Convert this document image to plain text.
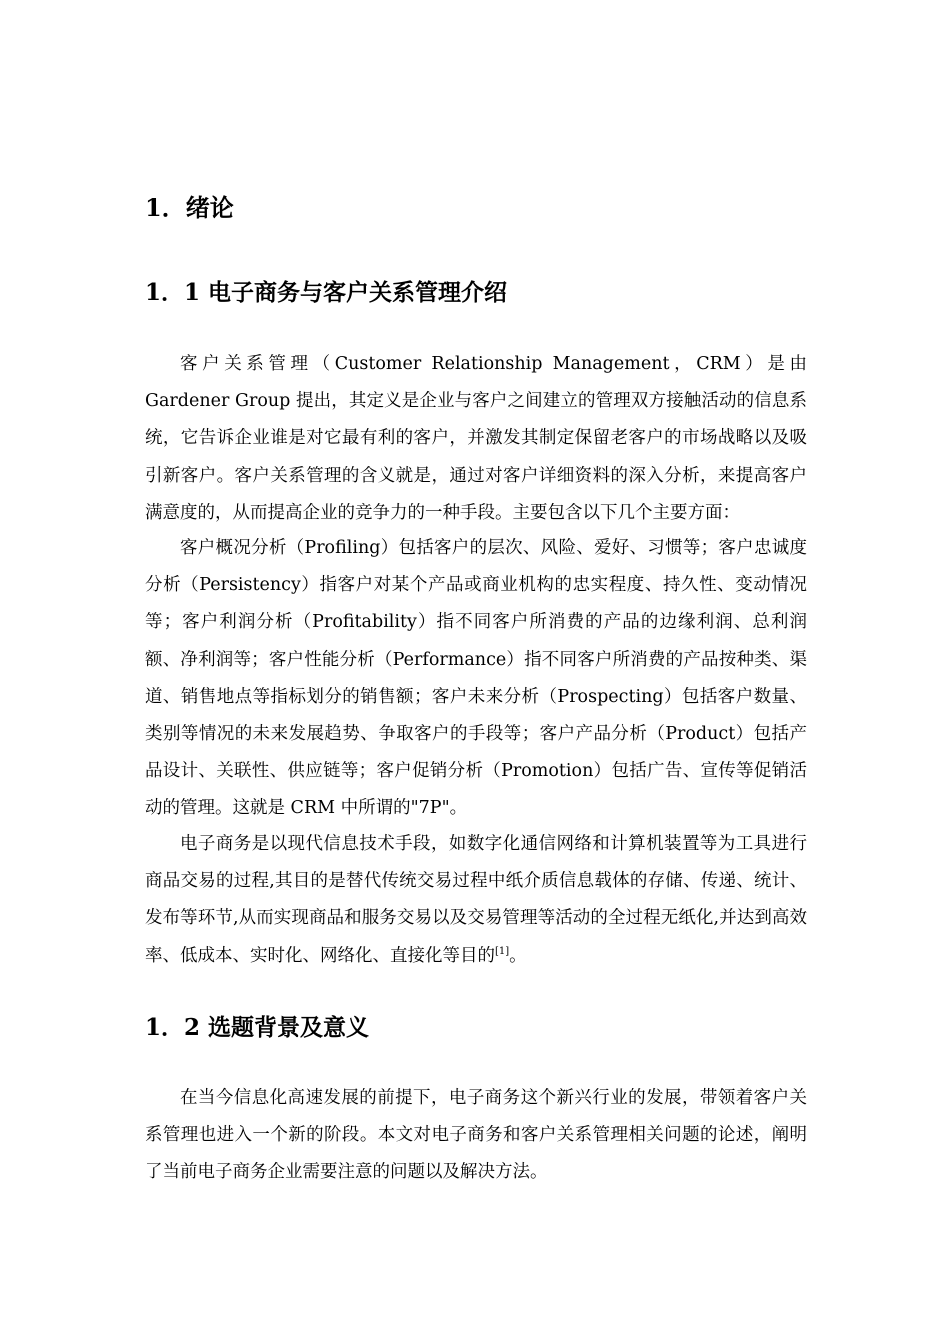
1．绪论
1．1 电子商务与客户关系管理介绍

客户关系管理（Customer Relationship Management，CRM）是由 Gardener Group 提出，其定义是企业与客户之间建立的管理双方接触活动的信息系统，它告诉企业谁是对它最有利的客户，并激发其制定保留老客户的市场战略以及吸引新客户。客户关系管理的含义就是，通过对客户详细资料的深入分析，来提高客户满意度的，从而提高企业的竞争力的一种手段。主要包含以下几个主要方面：

客户概况分析（Profiling）包括客户的层次、风险、爱好、习惯等；客户忠诚度分析（Persistency）指客户对某个产品或商业机构的忠实程度、持久性、变动情况等；客户利润分析（Profitability）指不同客户所消费的产品的边缘利润、总利润额、净利润等；客户性能分析（Performance）指不同客户所消费的产品按种类、渠道、销售地点等指标划分的销售额；客户未来分析（Prospecting）包括客户数量、类别等情况的未来发展趋势、争取客户的手段等；客户产品分析（Product）包括产品设计、关联性、供应链等；客户促销分析（Promotion）包括广告、宣传等促销活动的管理。这就是 CRM 中所谓的"7P"。

电子商务是以现代信息技术手段，如数字化通信网络和计算机装置等为工具进行商品交易的过程,其目的是替代传统交易过程中纸介质信息载体的存储、传递、统计、发布等环节,从而实现商品和服务交易以及交易管理等活动的全过程无纸化,并达到高效率、低成本、实时化、网络化、直接化等目的[1]。

1．2 选题背景及意义

在当今信息化高速发展的前提下，电子商务这个新兴行业的发展，带领着客户关系管理也进入一个新的阶段。本文对电子商务和客户关系管理相关问题的论述，阐明了当前电子商务企业需要注意的问题以及解决方法。
